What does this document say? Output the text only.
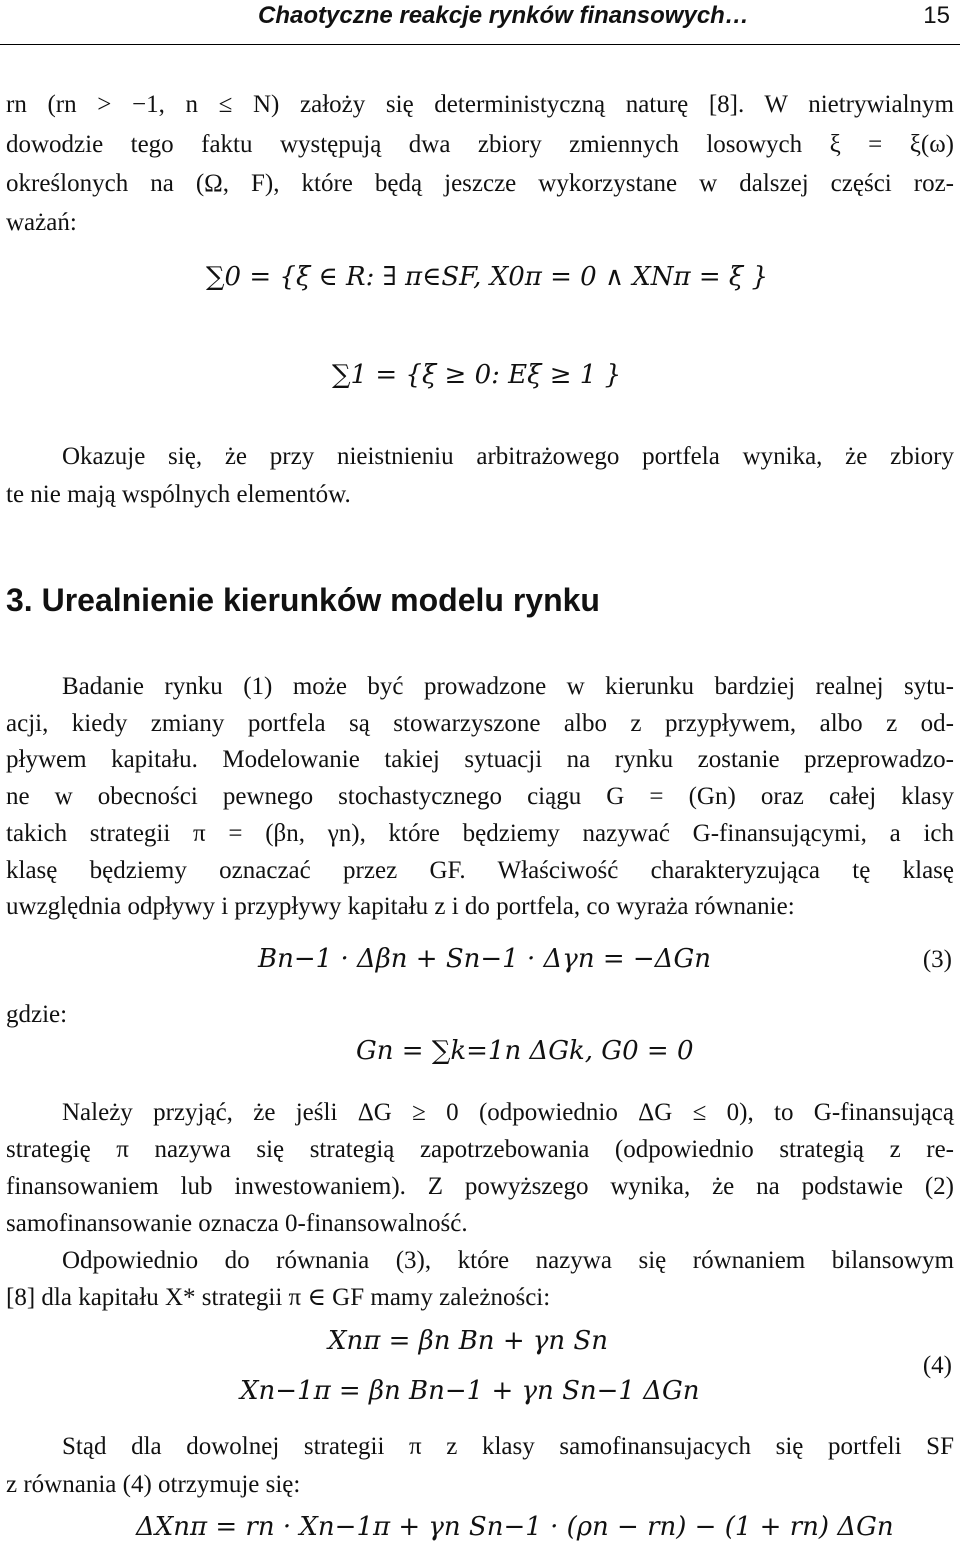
Chaotyczne reakcje rynków finansowych…	15
rn (rn > −1, n ≤ N) założy się deterministyczną naturę [8]. W nietrywialnym
dowodzie tego faktu występują dwa zbiory zmiennych losowych ξ = ξ(ω)
określonych na (Ω, F), które będą jeszcze wykorzystane w dalszej części roz-
ważań:
∑0 = {ξ ∈ R: ∃ π∈SF, X0π = 0 ∧ XNπ = ξ }
∑1 = {ξ ≥ 0: Eξ ≥ 1 }
Okazuje się, że przy nieistnieniu arbitrażowego portfela wynika, że zbiory
te nie mają wspólnych elementów.
3. Urealnienie kierunków modelu rynku
Badanie rynku (1) może być prowadzone w kierunku bardziej realnej sytu-
acji, kiedy zmiany portfela są stowarzyszone albo z przypływem, albo z od-
pływem kapitału. Modelowanie takiej sytuacji na rynku zostanie przeprowadzo-
ne w obecności pewnego stochastycznego ciągu G = (Gn) oraz całej klasy
takich strategii π = (βn, γn), które będziemy nazywać G-finansującymi, a ich
klasę będziemy oznaczać przez GF. Właściwość charakteryzująca tę klasę
uwzględnia odpływy i przypływy kapitału z i do portfela, co wyraża równanie:
Bn−1 · Δβn + Sn−1 · Δγn = −ΔGn	(3)
gdzie:
Gn = ∑k=1n ΔGk, G0 = 0
Należy przyjąć, że jeśli ΔG ≥ 0 (odpowiednio ΔG ≤ 0), to G-finansującą
strategię π nazywa się strategią zapotrzebowania (odpowiednio strategią z re-
finansowaniem lub inwestowaniem). Z powyższego wynika, że na podstawie (2)
samofinansowanie oznacza 0-finansowalność.
Odpowiednio do równania (3), które nazywa się równaniem bilansowym
[8] dla kapitału X* strategii π ∈ GF mamy zależności:
Xnπ = βn Bn + γn Sn
Xn−1π = βn Bn−1 + γn Sn−1 ΔGn
(4)
Stąd dla dowolnej strategii π z klasy samofinansujacych się portfeli SF
z równania (4) otrzymuje się:
ΔXnπ = rn · Xn−1π + γn Sn−1 · (ρn − rn) − (1 + rn) ΔGn
